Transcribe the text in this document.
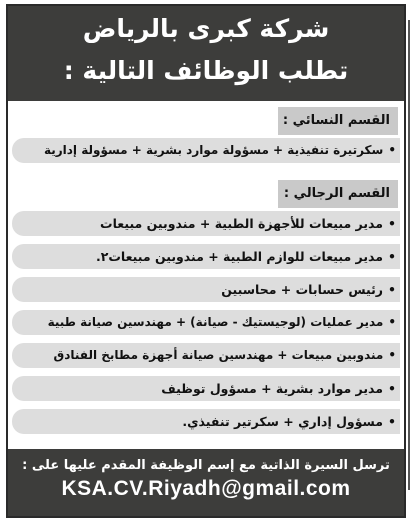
شركة كبرى بالرياض
تطلب الوظائف التالية :
القسم النسائي :
•سكرتيرة تنفيذية + مسؤولة موارد بشرية + مسؤولة إدارية
القسم الرجالي :
•مدير مبيعات للأجهزة الطبية + مندوبين مبيعات
•مدير مبيعات للوازم الطبية + مندوبين مبيعات٢.
•رئيس حسابات + محاسبين
•مدير عمليات (لوجيستيك - صيانة) + مهندسين صيانة طبية
•مندوبين مبيعات + مهندسين صيانة أجهزة مطابخ الفنادق
•مدير موارد بشرية + مسؤول توظيف
•مسؤول إداري + سكرتير تنفيذي.
ترسل السيرة الذاتية مع إسم الوظيفة المقدم عليها على :
KSA.CV.Riyadh@gmail.com
